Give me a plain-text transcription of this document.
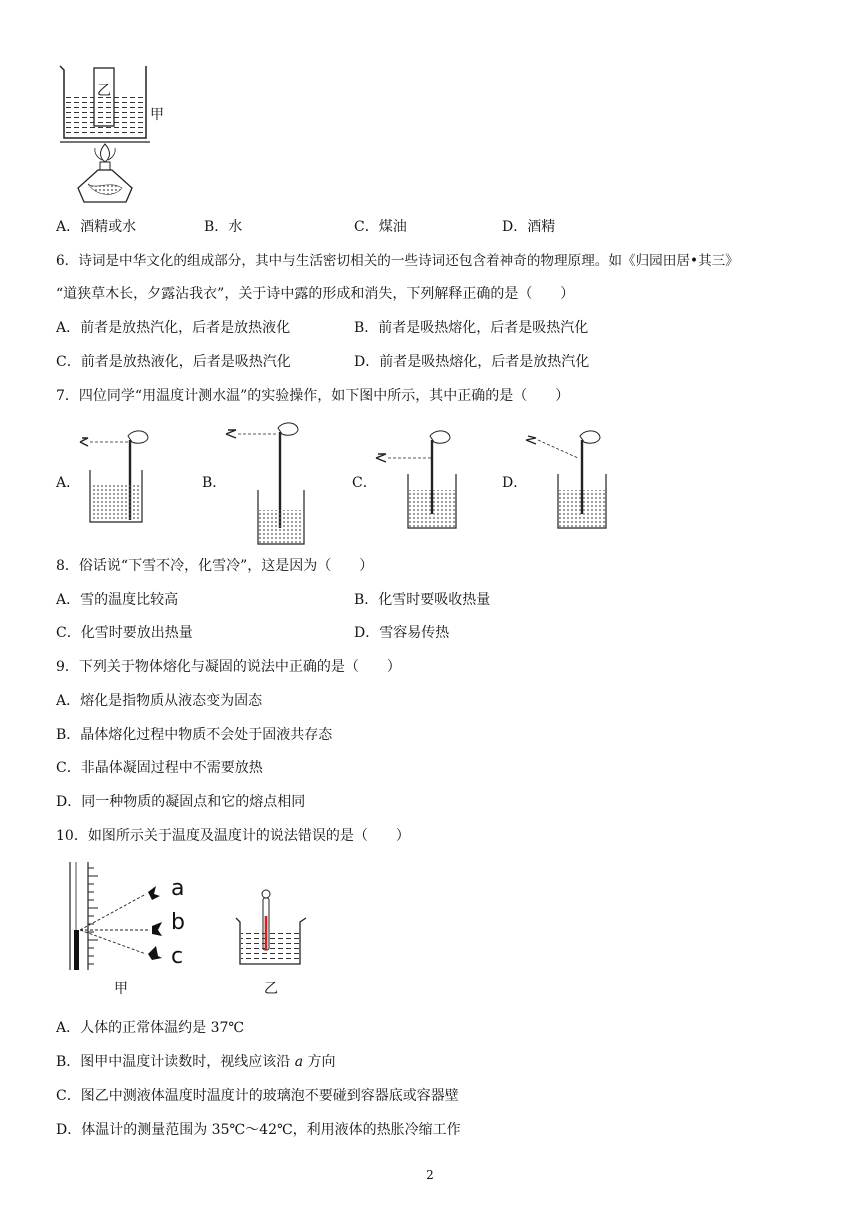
乙
甲
A．酒精或水	B．水	C．煤油	D．酒精
6．诗词是中华文化的组成部分，其中与生活密切相关的一些诗词还包含着神奇的物理原理。如《归园田居•其三》
“道狭草木长，夕露沾我衣”，关于诗中露的形成和消失，下列解释正确的是（　　）
A．前者是放热汽化，后者是放热液化	B．前者是吸热熔化，后者是吸热汽化
C．前者是放热液化，后者是吸热汽化	D．前者是吸热熔化，后者是放热汽化
7．四位同学“用温度计测水温”的实验操作，如下图中所示，其中正确的是（　　）
A．	B．	C．	D．
8．俗话说“下雪不冷，化雪冷”，这是因为（　　）
A．雪的温度比较高	B．化雪时要吸收热量
C．化雪时要放出热量	D．雪容易传热
9．下列关于物体熔化与凝固的说法中正确的是（　　）
A．熔化是指物质从液态变为固态
B．晶体熔化过程中物质不会处于固液共存态
C．非晶体凝固过程中不需要放热
D．同一种物质的凝固点和它的熔点相同
10．如图所示关于温度及温度计的说法错误的是（　　）
a
b
c
甲	乙
A．人体的正常体温约是 37℃
B．图甲中温度计读数时，视线应该沿 a 方向
C．图乙中测液体温度时温度计的玻璃泡不要碰到容器底或容器壁
D．体温计的测量范围为 35℃～42℃，利用液体的热胀冷缩工作
2
